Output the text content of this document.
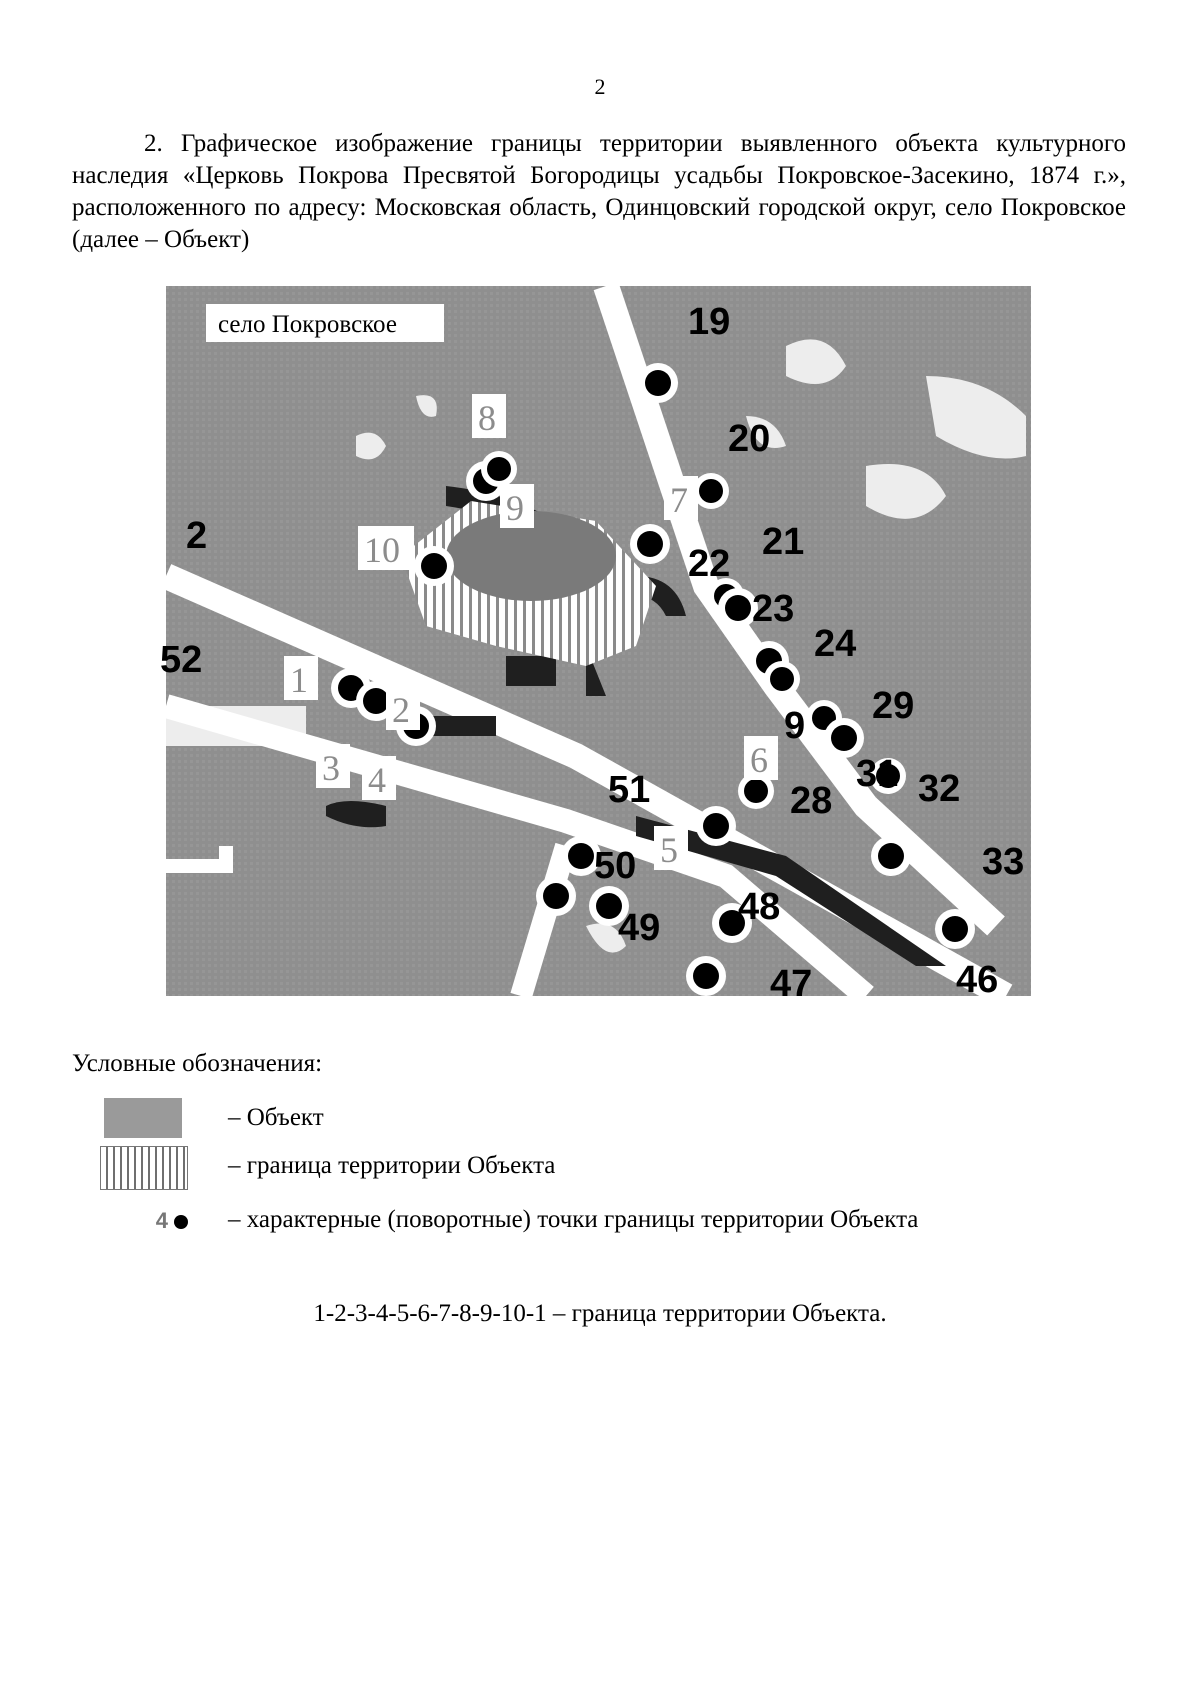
2
2. Графическое изображение границы территории выявленного объекта культурного наследия «Церковь Покрова Пресвятой Богородицы усадьбы Покровское-Засекино, 1874 г.», расположенного по адресу: Московская область, Одинцовский городской округ, село Покровское (далее – Объект)
село Покровское
1
2
3 4
5
6
7
8
9
10
19
20
21
22
23
24
29
9
31 32
28
33
46
47
48
49
50
51
52
2
Условные обозначения:
– Объект
– граница территории Объекта
4	– характерные (поворотные) точки границы территории Объекта
1-2-3-4-5-6-7-8-9-10-1 – граница территории Объекта.
